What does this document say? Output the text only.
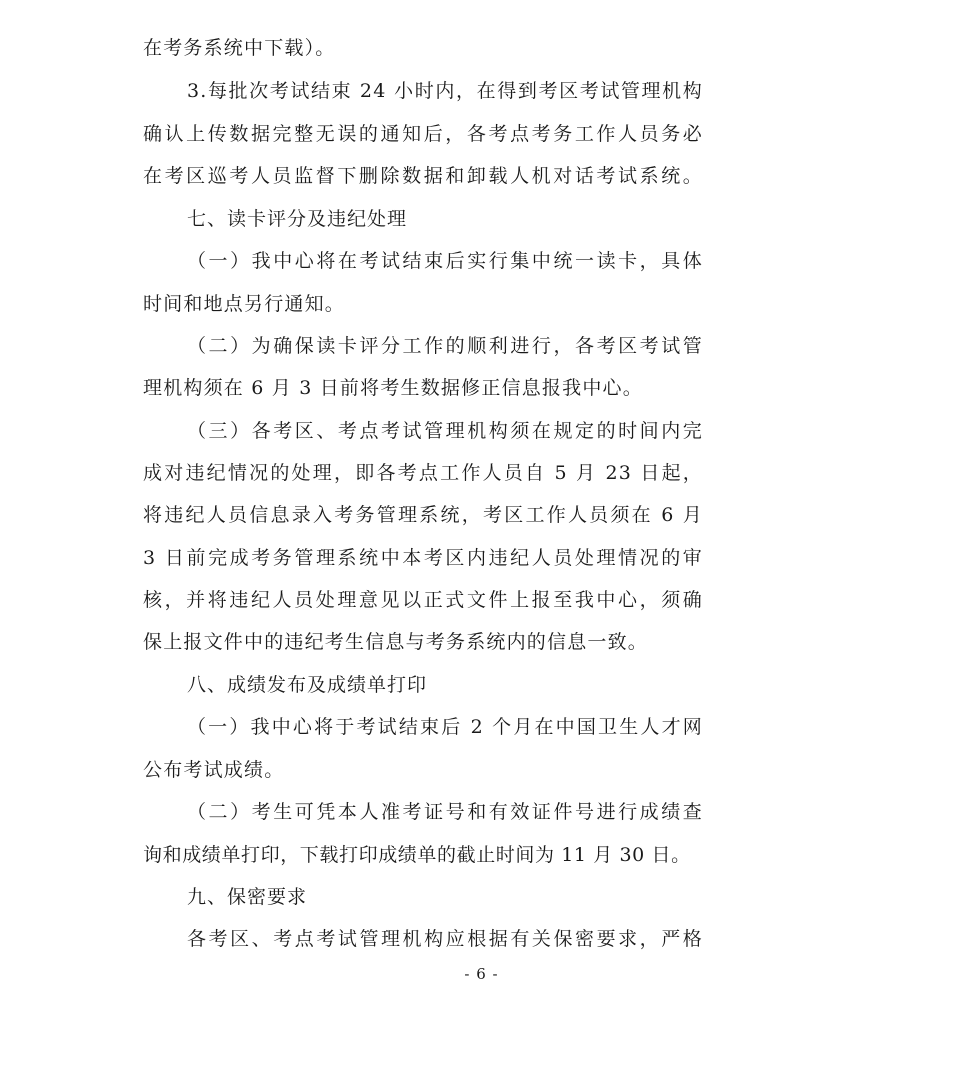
在考务系统中下载）。
3.每批次考试结束 24 小时内，在得到考区考试管理机构
确认上传数据完整无误的通知后，各考点考务工作人员务必
在考区巡考人员监督下删除数据和卸载人机对话考试系统。
七、读卡评分及违纪处理
（一）我中心将在考试结束后实行集中统一读卡，具体
时间和地点另行通知。
（二）为确保读卡评分工作的顺利进行，各考区考试管
理机构须在 6 月 3 日前将考生数据修正信息报我中心。
（三）各考区、考点考试管理机构须在规定的时间内完
成对违纪情况的处理，即各考点工作人员自 5 月 23 日起，
将违纪人员信息录入考务管理系统，考区工作人员须在 6 月
3 日前完成考务管理系统中本考区内违纪人员处理情况的审
核，并将违纪人员处理意见以正式文件上报至我中心，须确
保上报文件中的违纪考生信息与考务系统内的信息一致。
八、成绩发布及成绩单打印
（一）我中心将于考试结束后 2 个月在中国卫生人才网
公布考试成绩。
（二）考生可凭本人准考证号和有效证件号进行成绩查
询和成绩单打印，下载打印成绩单的截止时间为 11 月 30 日。
九、保密要求
各考区、考点考试管理机构应根据有关保密要求，严格
- 6 -
